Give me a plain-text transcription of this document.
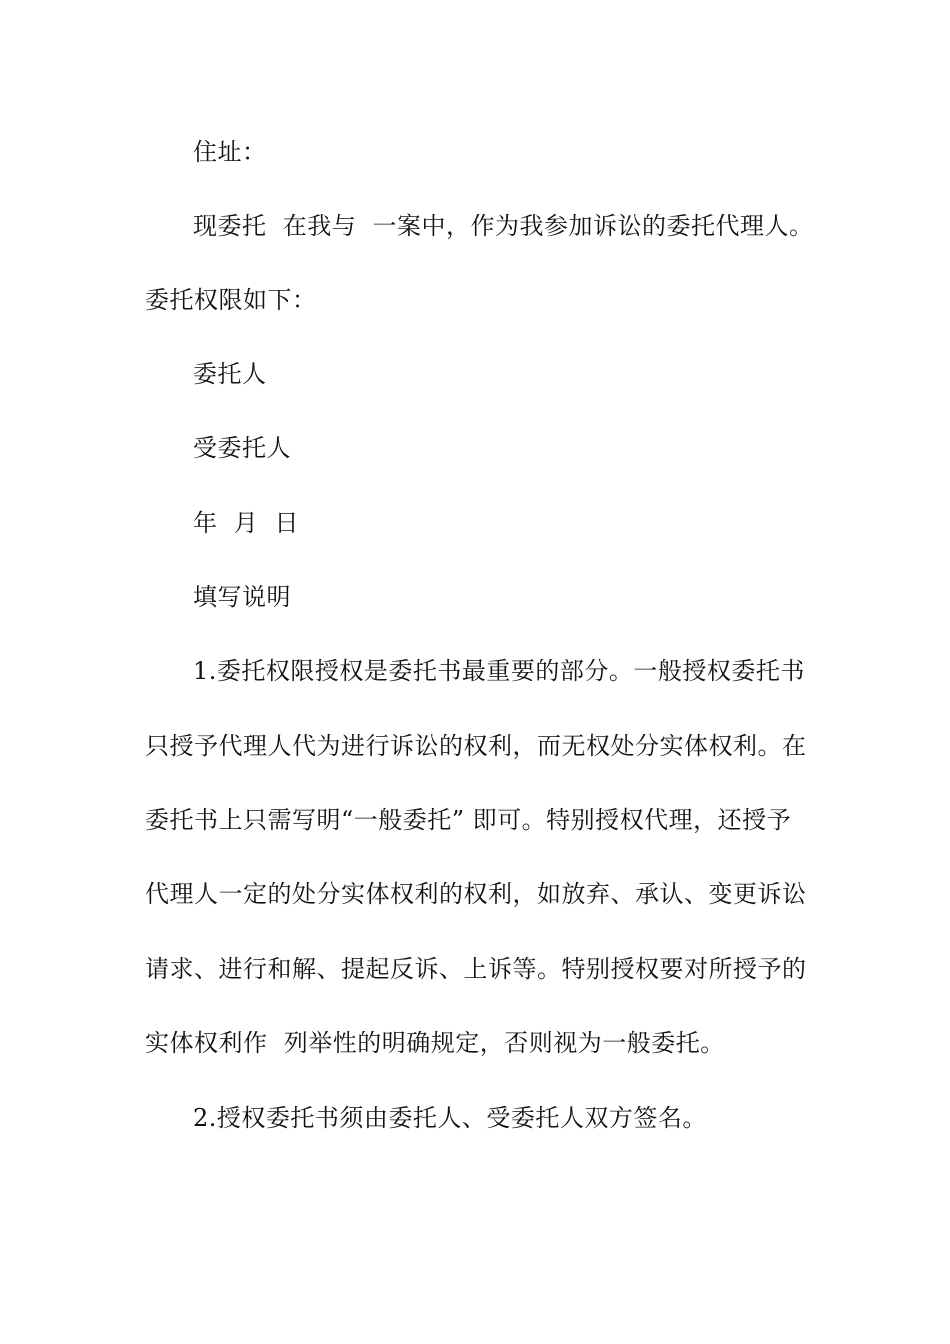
住址：
现委托  在我与  一案中，作为我参加诉讼的委托代理人。
委托权限如下：
委托人
受委托人
年  月  日
填写说明
1.委托权限授权是委托书最重要的部分。一般授权委托书
只授予代理人代为进行诉讼的权利，而无权处分实体权利。在
委托书上只需写明“一般委托” 即可。特别授权代理，还授予
代理人一定的处分实体权利的权利，如放弃、承认、变更诉讼
请求、进行和解、提起反诉、上诉等。特别授权要对所授予的
实体权利作  列举性的明确规定，否则视为一般委托。
2.授权委托书须由委托人、受委托人双方签名。
